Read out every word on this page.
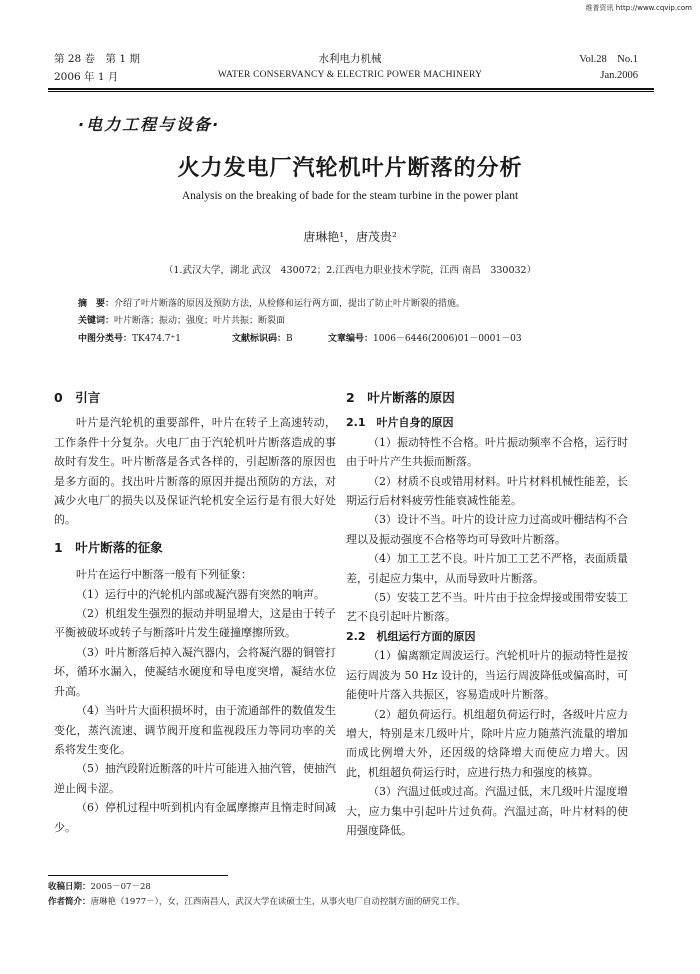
维普资讯 http://www.cqvip.com
第 28 卷　第 1 期
2006 年 1 月
水利电力机械
WATER CONSERVANCY & ELECTRIC POWER MACHINERY
Vol.28　No.1
Jan.2006
·电力工程与设备·
火力发电厂汽轮机叶片断落的分析
Analysis on the breaking of bade for the steam turbine in the power plant
唐琳艳¹，唐茂贵²
（1.武汉大学，湖北 武汉　430072；2.江西电力职业技术学院，江西 南昌　330032）
摘　要：介绍了叶片断落的原因及预防方法，从检修和运行两方面，提出了防止叶片断裂的措施。
关键词：叶片断落；振动；强度；叶片共振；断裂面
中图分类号：TK474.7⁺1	文献标识码：B	文章编号：1006－6446(2006)01－0001－03
0　引言

叶片是汽轮机的重要部件，叶片在转子上高速转动，工作条件十分复杂。火电厂由于汽轮机叶片断落造成的事故时有发生。叶片断落是各式各样的，引起断落的原因也是多方面的。找出叶片断落的原因并提出预防的方法，对减少火电厂的损失以及保证汽轮机安全运行是有很大好处的。

1　叶片断落的征象

叶片在运行中断落一般有下列征象：

（1）运行中的汽轮机内部或凝汽器有突然的响声。

（2）机组发生强烈的振动并明显增大，这是由于转子平衡被破坏或转子与断落叶片发生碰撞摩擦所致。

（3）叶片断落后掉入凝汽器内，会将凝汽器的铜管打坏，循环水漏入，使凝结水硬度和导电度突增，凝结水位升高。

（4）当叶片大面积损坏时，由于流通部件的数值发生变化，蒸汽流速、调节阀开度和监视段压力等同功率的关系将发生变化。

（5）抽汽段附近断落的叶片可能进入抽汽管，使抽汽逆止阀卡涩。

（6）停机过程中听到机内有金属摩擦声且惰走时间减少。

2　叶片断落的原因
2.1　叶片自身的原因

（1）振动特性不合格。叶片振动频率不合格，运行时由于叶片产生共振而断落。

（2）材质不良或错用材料。叶片材料机械性能差，长期运行后材料疲劳性能衰减性能差。

（3）设计不当。叶片的设计应力过高或叶栅结构不合理以及振动强度不合格等均可导致叶片断落。

（4）加工工艺不良。叶片加工工艺不严格，表面质量差，引起应力集中，从而导致叶片断落。

（5）安装工艺不当。叶片由于拉金焊接或围带安装工艺不良引起叶片断落。

2.2　机组运行方面的原因

（1）偏离额定周波运行。汽轮机叶片的振动特性是按运行周波为 50 Hz 设计的，当运行周波降低或偏高时，可能使叶片落入共振区，容易造成叶片断落。

（2）超负荷运行。机组超负荷运行时，各级叶片应力增大，特别是末几级叶片，除叶片应力随蒸汽流量的增加而成比例增大外，还因级的焓降增大而使应力增大。因此，机组超负荷运行时，应进行热力和强度的核算。

（3）汽温过低或过高。汽温过低，末几级叶片湿度增大，应力集中引起叶片过负荷。汽温过高，叶片材料的使用强度降低。

收稿日期：2005－07－28
作者简介：唐琳艳（1977－），女，江西南昌人，武汉大学在读硕士生，从事火电厂自动控制方面的研究工作。
